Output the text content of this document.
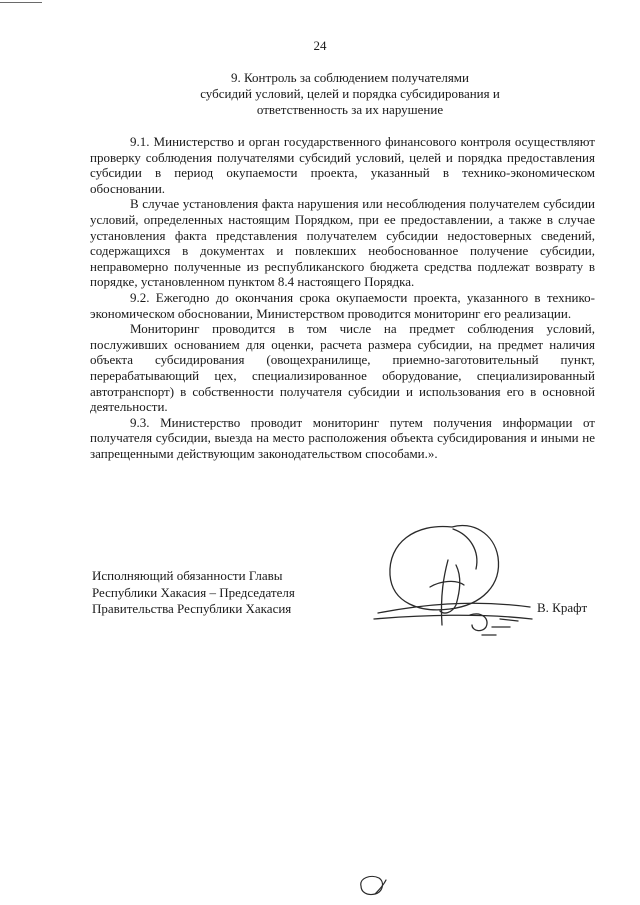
24
9. Контроль за соблюдением получателями
субсидий условий, целей и порядка субсидирования и
ответственность за их нарушение

9.1. Министерство и орган государственного финансового контроля осуществляют проверку соблюдения получателями субсидий условий, целей и порядка предоставления субсидии в период окупаемости проекта, указанный в технико-экономическом обосновании.

В случае установления факта нарушения или несоблюдения получателем субсидии условий, определенных настоящим Порядком, при ее предоставлении, а также в случае установления факта представления получателем субсидии недостоверных сведений, содержащихся в документах и повлекших необоснованное получение субсидии, неправомерно полученные из республиканского бюджета средства подлежат возврату в порядке, установленном пунктом 8.4 настоящего Порядка.

9.2. Ежегодно до окончания срока окупаемости проекта, указанного в технико-экономическом обосновании, Министерством проводится мониторинг его реализации.

Мониторинг проводится в том числе на предмет соблюдения условий, послуживших основанием для оценки, расчета размера субсидии, на предмет наличия объекта субсидирования (овощехранилище, приемно-заготовительный пункт, перерабатывающий цех, специализированное оборудование, специализированный автотранспорт) в собственности получателя субсидии и использования его в основной деятельности.

9.3. Министерство проводит мониторинг путем получения информации от получателя субсидии, выезда на место расположения объекта субсидирования и иными не запрещенными действующим законодательством способами.».

Исполняющий обязанности Главы
Республики Хакасия – Председателя
Правительства Республики Хакасия	В. Крафт
